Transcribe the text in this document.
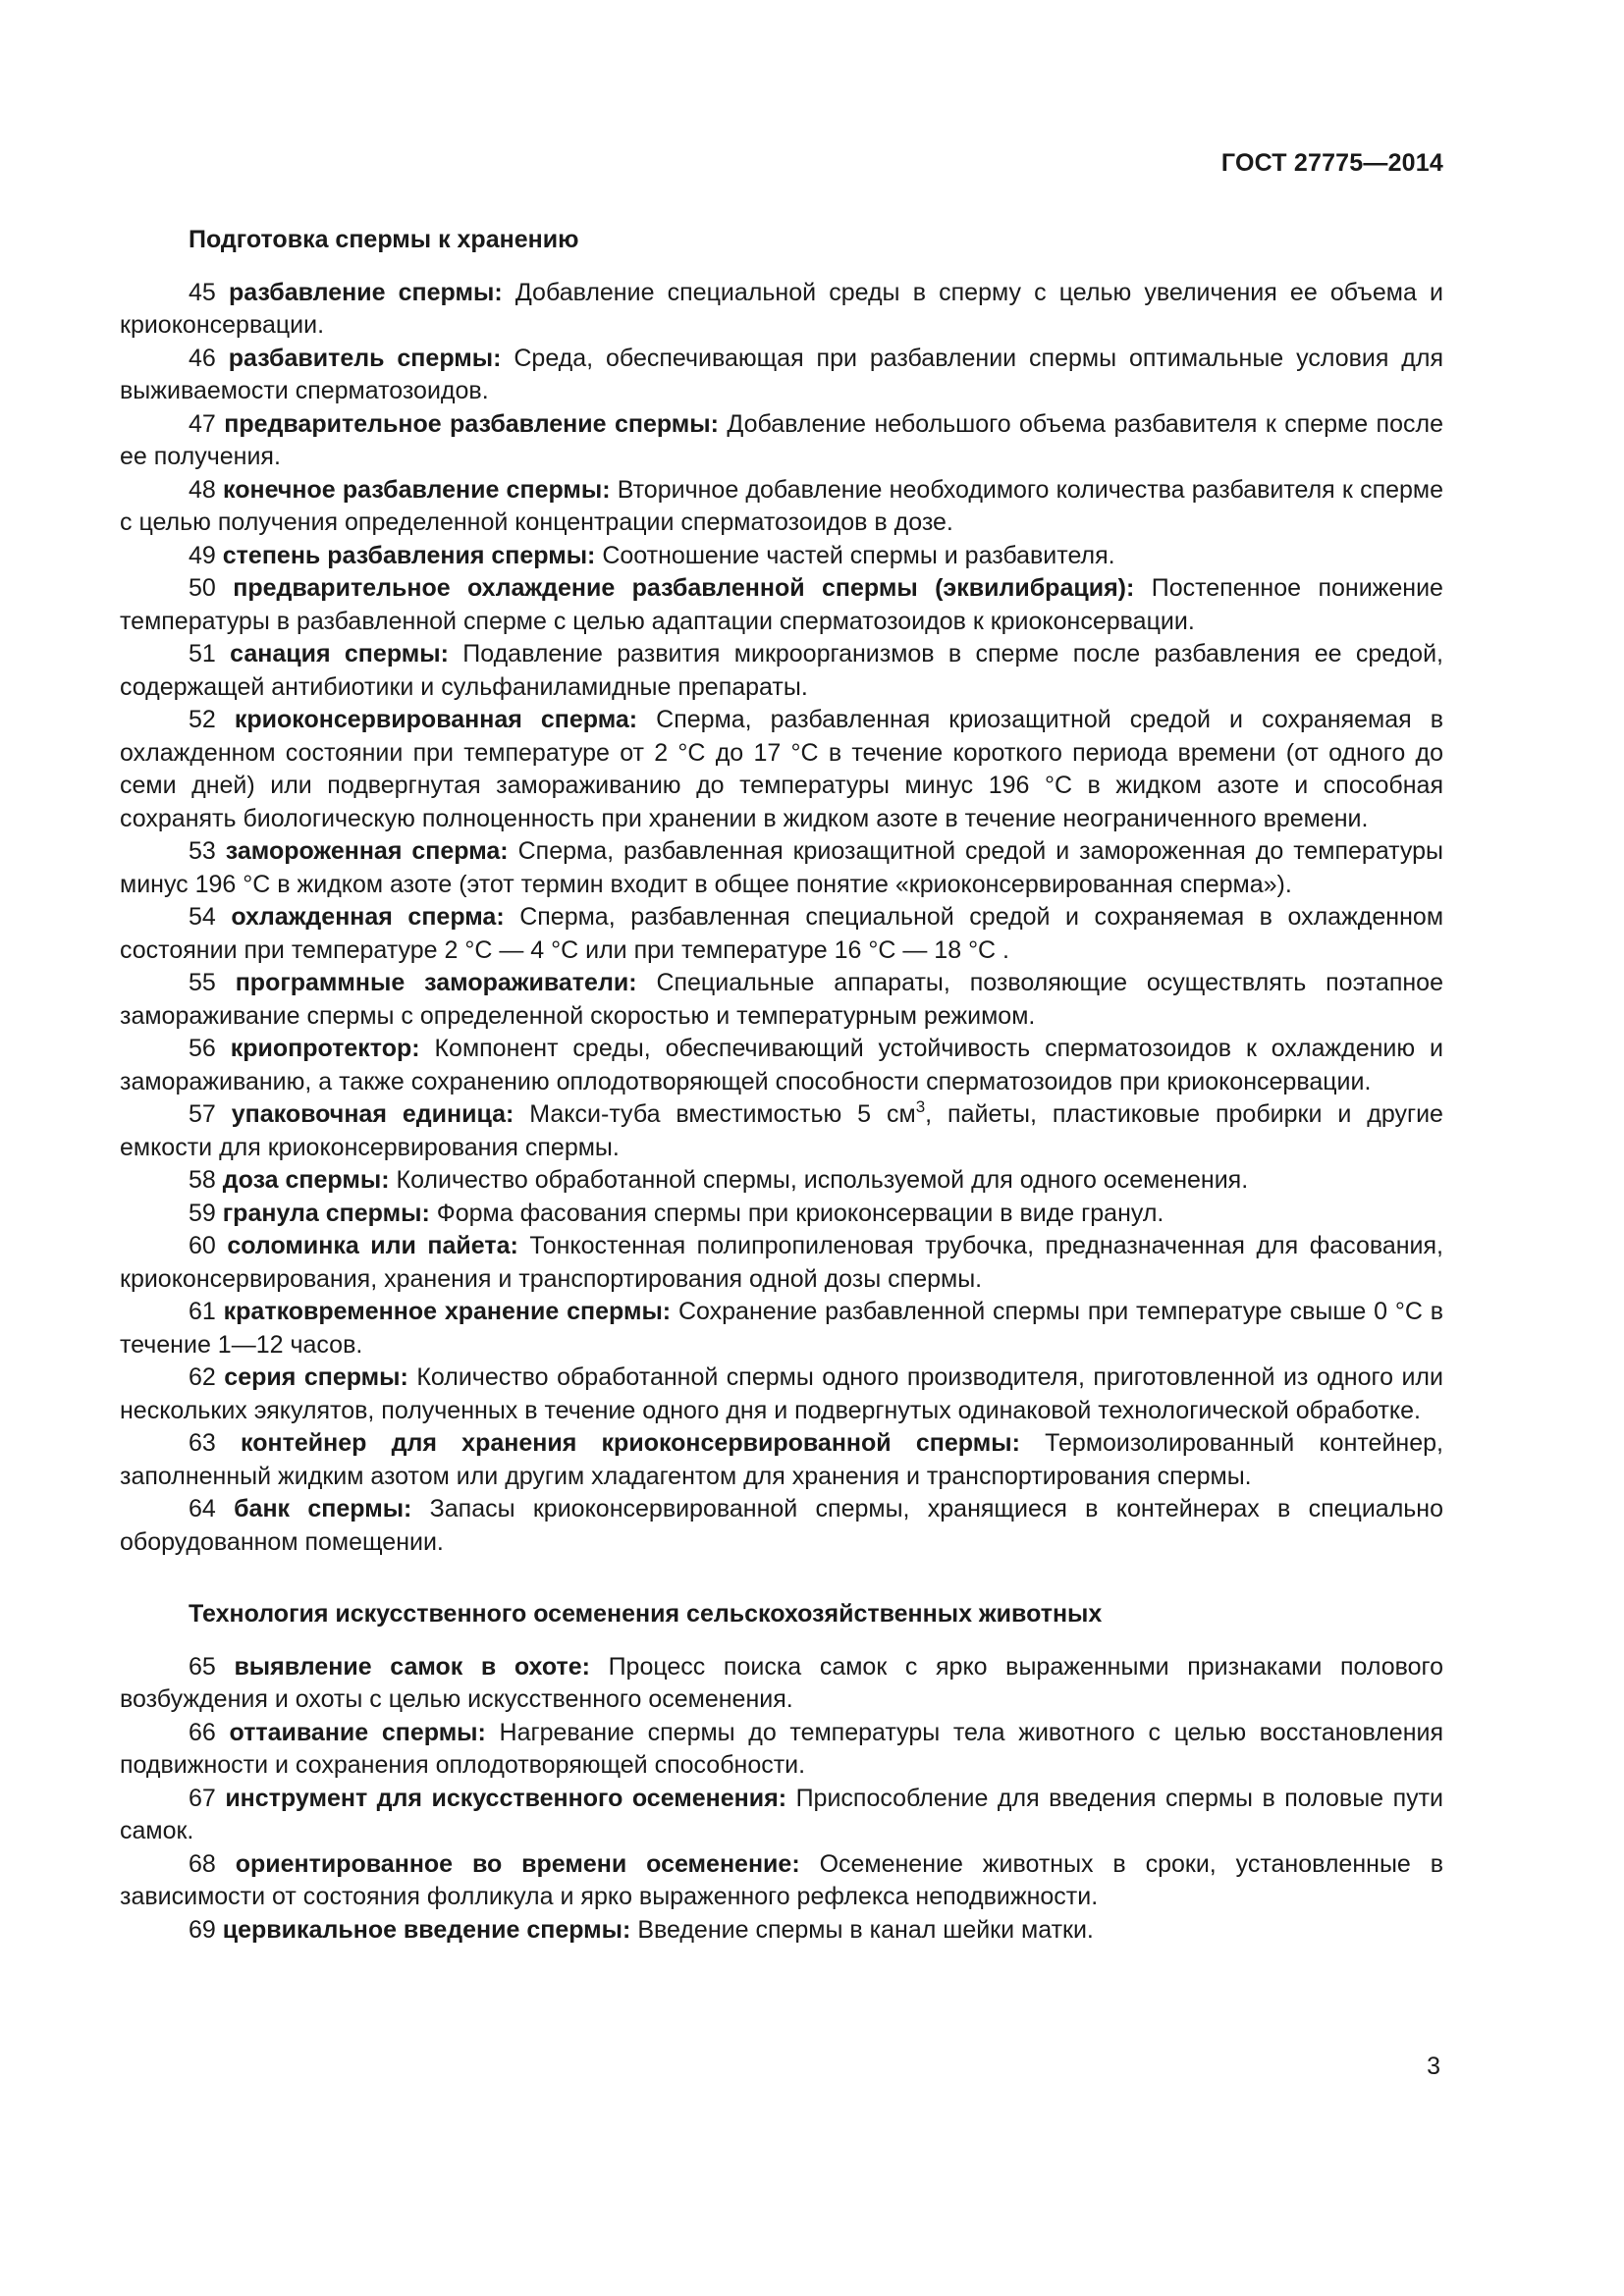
ГОСТ 27775—2014

Подготовка спермы к хранению

45 разбавление спермы: Добавление специальной среды в сперму с целью увеличения ее объема и криоконсервации.

46 разбавитель спермы: Среда, обеспечивающая при разбавлении спермы оптимальные условия для выживаемости сперматозоидов.

47 предварительное разбавление спермы: Добавление небольшого объема разбавителя к сперме после ее получения.

48 конечное разбавление спермы: Вторичное добавление необходимого количества разбавителя к сперме с целью получения определенной концентрации сперматозоидов в дозе.

49 степень разбавления спермы: Соотношение частей спермы и разбавителя.

50 предварительное охлаждение разбавленной спермы (эквилибрация): Постепенное понижение температуры в разбавленной сперме с целью адаптации сперматозоидов к криоконсервации.

51 санация спермы: Подавление развития микроорганизмов в сперме после разбавления ее средой, содержащей антибиотики и сульфаниламидные препараты.

52 криоконсервированная сперма: Сперма, разбавленная криозащитной средой и сохраняемая в охлажденном состоянии при температуре от 2 °С до 17 °С в течение короткого периода времени (от одного до семи дней) или подвергнутая замораживанию до температуры минус 196 °С в жидком азоте и способная сохранять биологическую полноценность при хранении в жидком азоте в течение неограниченного времени.

53 замороженная сперма: Сперма, разбавленная криозащитной средой и замороженная до температуры минус 196 °С в жидком азоте (этот термин входит в общее понятие «криоконсервированная сперма»).

54 охлажденная сперма: Сперма, разбавленная специальной средой и сохраняемая в охлажденном состоянии при температуре 2 °С — 4 °С или при температуре 16 °С — 18 °С .

55 программные замораживатели: Специальные аппараты, позволяющие осуществлять поэтапное замораживание спермы с определенной скоростью и температурным режимом.

56 криопротектор: Компонент среды, обеспечивающий устойчивость сперматозоидов к охлаждению и замораживанию, а также сохранению оплодотворяющей способности сперматозоидов при криоконсервации.

57 упаковочная единица: Макси-туба вместимостью 5 $см^3$, пайеты, пластиковые пробирки и другие емкости для криоконсервирования спермы.

58 доза спермы: Количество обработанной спермы, используемой для одного осеменения.

59 гранула спермы: Форма фасования спермы при криоконсервации в виде гранул.

60 соломинка или пайета: Тонкостенная полипропиленовая трубочка, предназначенная для фасования, криоконсервирования, хранения и транспортирования одной дозы спермы.

61 кратковременное хранение спермы: Сохранение разбавленной спермы при температуре свыше 0 °С в течение 1—12 часов.

62 серия спермы: Количество обработанной спермы одного производителя, приготовленной из одного или нескольких эякулятов, полученных в течение одного дня и подвергнутых одинаковой технологической обработке.

63 контейнер для хранения криоконсервированной спермы: Термоизолированный контейнер, заполненный жидким азотом или другим хладагентом для хранения и транспортирования спермы.

64 банк спермы: Запасы криоконсервированной спермы, хранящиеся в контейнерах в специально оборудованном помещении.

Технология искусственного осеменения сельскохозяйственных животных

65 выявление самок в охоте: Процесс поиска самок с ярко выраженными признаками полового возбуждения и охоты с целью искусственного осеменения.

66 оттаивание спермы: Нагревание спермы до температуры тела животного с целью восстановления подвижности и сохранения оплодотворяющей способности.

67 инструмент для искусственного осеменения: Приспособление для введения спермы в половые пути самок.

68 ориентированное во времени осеменение: Осеменение животных в сроки, установленные в зависимости от состояния фолликула и ярко выраженного рефлекса неподвижности.

69 цервикальное введение спермы: Введение спермы в канал шейки матки.

3
